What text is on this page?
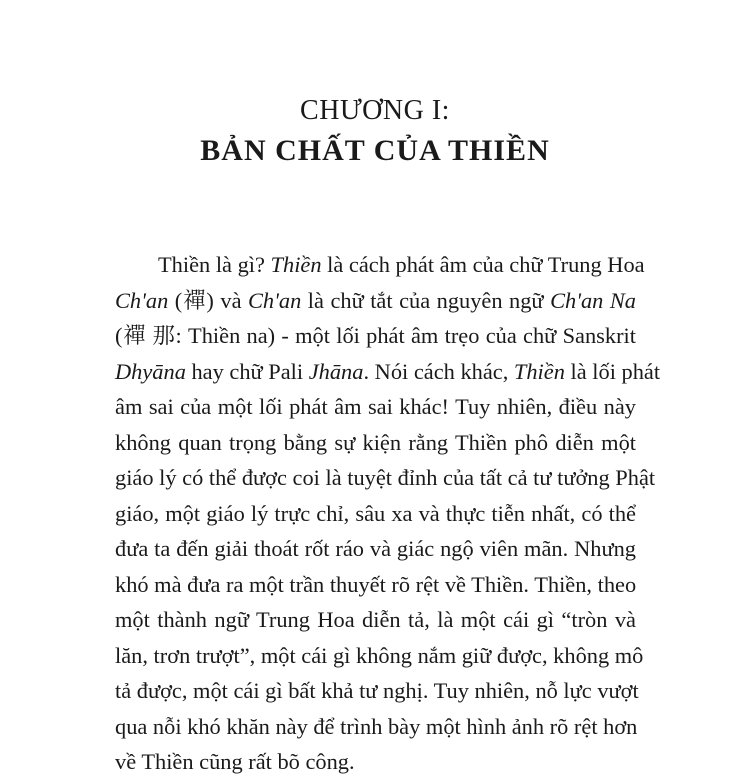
CHƯƠNG I:
BẢN CHẤT CỦA THIỀN
Thiền là gì? Thiền là cách phát âm của chữ Trung Hoa
Ch'an (禪) và Ch'an là chữ tắt của nguyên ngữ Ch'an Na
(禪 那: Thiền na) - một lối phát âm trẹo của chữ Sanskrit
Dhyāna hay chữ Pali Jhāna. Nói cách khác, Thiền là lối phát
âm sai của một lối phát âm sai khác! Tuy nhiên, điều này
không quan trọng bằng sự kiện rằng Thiền phô diễn một
giáo lý có thể được coi là tuyệt đỉnh của tất cả tư tưởng Phật
giáo, một giáo lý trực chỉ, sâu xa và thực tiễn nhất, có thể
đưa ta đến giải thoát rốt ráo và giác ngộ viên mãn. Nhưng
khó mà đưa ra một trần thuyết rõ rệt về Thiền. Thiền, theo
một thành ngữ Trung Hoa diễn tả, là một cái gì “tròn và
lăn, trơn trượt”, một cái gì không nắm giữ được, không mô
tả được, một cái gì bất khả tư nghị. Tuy nhiên, nỗ lực vượt
qua nỗi khó khăn này để trình bày một hình ảnh rõ rệt hơn
về Thiền cũng rất bõ công.
